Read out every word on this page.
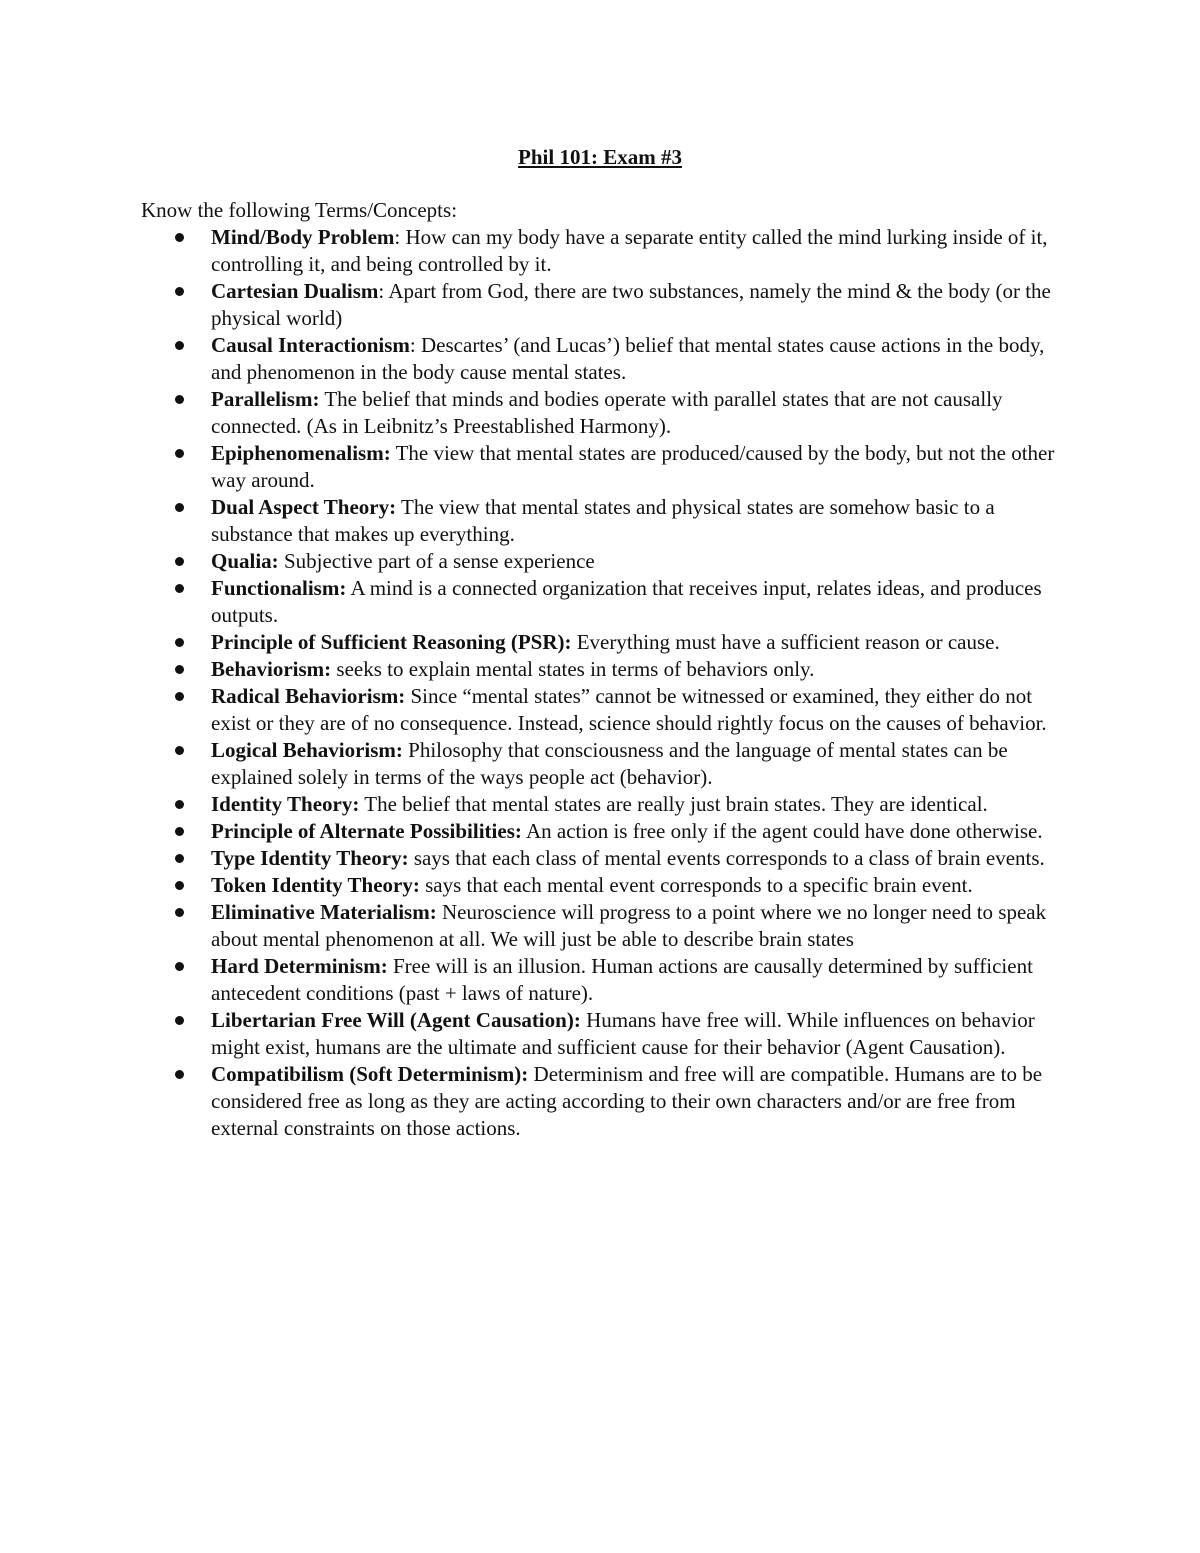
Phil 101: Exam #3
Know the following Terms/Concepts:
Mind/Body Problem: How can my body have a separate entity called the mind lurking inside of it, controlling it, and being controlled by it.
Cartesian Dualism: Apart from God, there are two substances, namely the mind & the body (or the physical world)
Causal Interactionism: Descartes’ (and Lucas’) belief that mental states cause actions in the body, and phenomenon in the body cause mental states.
Parallelism: The belief that minds and bodies operate with parallel states that are not causally connected. (As in Leibnitz’s Preestablished Harmony).
Epiphenomenalism: The view that mental states are produced/caused by the body, but not the other way around.
Dual Aspect Theory: The view that mental states and physical states are somehow basic to a substance that makes up everything.
Qualia: Subjective part of a sense experience
Functionalism: A mind is a connected organization that receives input, relates ideas, and produces outputs.
Principle of Sufficient Reasoning (PSR): Everything must have a sufficient reason or cause.
Behaviorism: seeks to explain mental states in terms of behaviors only.
Radical Behaviorism: Since “mental states” cannot be witnessed or examined, they either do not exist or they are of no consequence. Instead, science should rightly focus on the causes of behavior.
Logical Behaviorism: Philosophy that consciousness and the language of mental states can be explained solely in terms of the ways people act (behavior).
Identity Theory: The belief that mental states are really just brain states. They are identical.
Principle of Alternate Possibilities: An action is free only if the agent could have done otherwise.
Type Identity Theory: says that each class of mental events corresponds to a class of brain events.
Token Identity Theory: says that each mental event corresponds to a specific brain event.
Eliminative Materialism: Neuroscience will progress to a point where we no longer need to speak about mental phenomenon at all. We will just be able to describe brain states
Hard Determinism: Free will is an illusion. Human actions are causally determined by sufficient antecedent conditions (past + laws of nature).
Libertarian Free Will (Agent Causation): Humans have free will. While influences on behavior might exist, humans are the ultimate and sufficient cause for their behavior (Agent Causation).
Compatibilism (Soft Determinism): Determinism and free will are compatible. Humans are to be considered free as long as they are acting according to their own characters and/or are free from external constraints on those actions.
